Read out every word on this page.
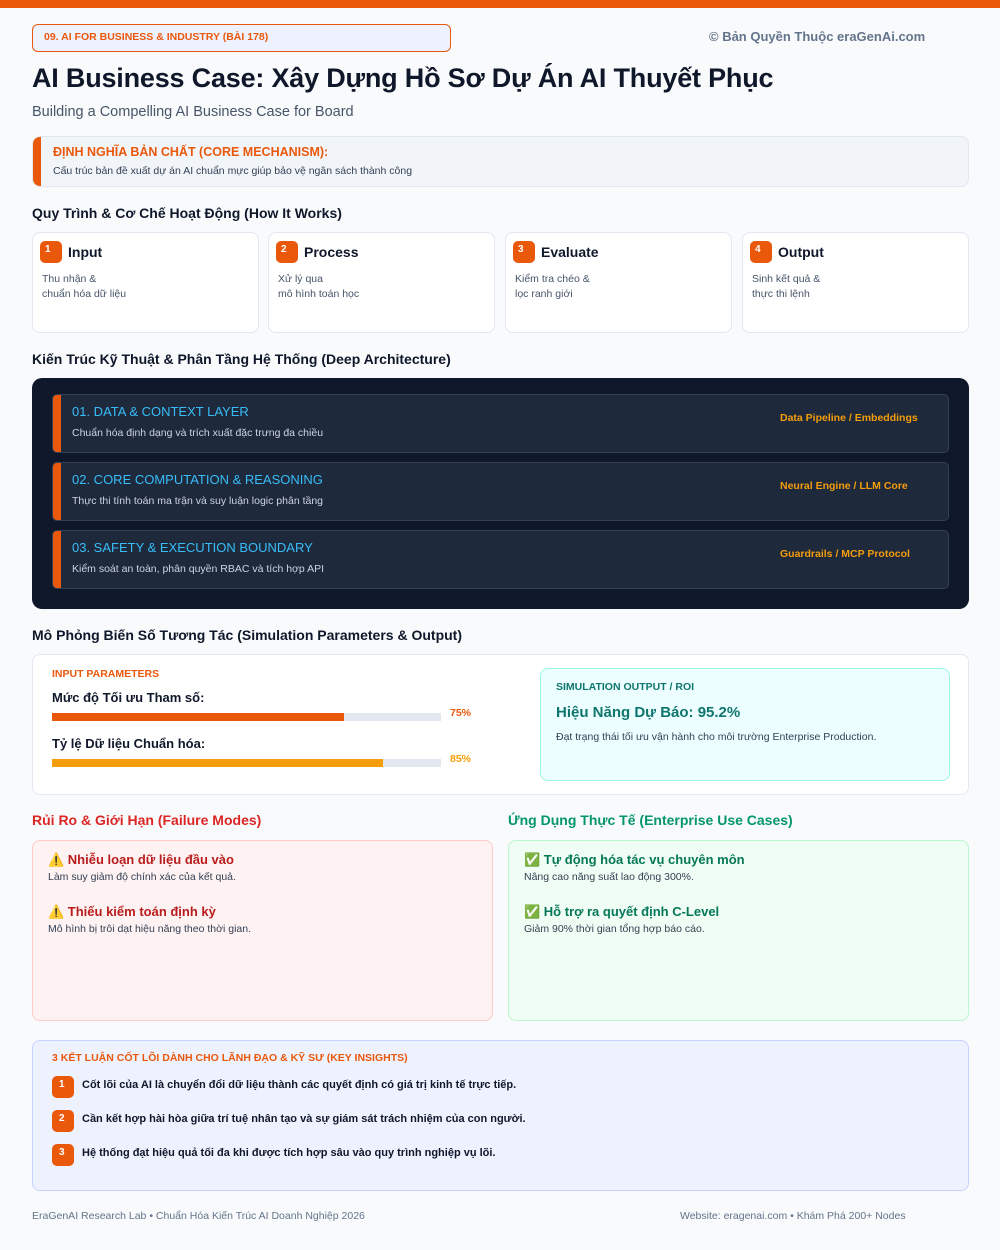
09. AI FOR BUSINESS & INDUSTRY (BÀI 178)	© Bản Quyền Thuộc eraGenAi.com
AI Business Case: Xây Dựng Hồ Sơ Dự Án AI Thuyết Phục
Building a Compelling AI Business Case for Board
ĐỊNH NGHĨA BẢN CHẤT (CORE MECHANISM):
Cấu trúc bản đề xuất dự án AI chuẩn mực giúp bảo vệ ngân sách thành công
Quy Trình & Cơ Chế Hoạt Động (How It Works)
1	Input
Thu nhận &
chuẩn hóa dữ liệu
2	Process
Xử lý qua
mô hình toán học
3	Evaluate
Kiểm tra chéo &
lọc ranh giới
4	Output
Sinh kết quả &
thực thi lệnh
Kiến Trúc Kỹ Thuật & Phân Tầng Hệ Thống (Deep Architecture)
01. DATA & CONTEXT LAYER
Chuẩn hóa định dạng và trích xuất đặc trưng đa chiều
Data Pipeline / Embeddings
02. CORE COMPUTATION & REASONING
Thực thi tính toán ma trận và suy luận logic phân tầng
Neural Engine / LLM Core
03. SAFETY & EXECUTION BOUNDARY
Kiểm soát an toàn, phân quyền RBAC và tích hợp API
Guardrails / MCP Protocol
Mô Phỏng Biến Số Tương Tác (Simulation Parameters & Output)
INPUT PARAMETERS
Mức độ Tối ưu Tham số:
75%
Tỷ lệ Dữ liệu Chuẩn hóa:
85%
SIMULATION OUTPUT / ROI
Hiệu Năng Dự Báo: 95.2%
Đạt trạng thái tối ưu vận hành cho môi trường Enterprise Production.
Rủi Ro & Giới Hạn (Failure Modes)	Ứng Dụng Thực Tế (Enterprise Use Cases)
⚠️ Nhiễu loạn dữ liệu đầu vào
Làm suy giảm độ chính xác của kết quả.
⚠️ Thiếu kiểm toán định kỳ
Mô hình bị trôi dạt hiệu năng theo thời gian.
✅ Tự động hóa tác vụ chuyên môn
Nâng cao năng suất lao động 300%.
✅ Hỗ trợ ra quyết định C-Level
Giảm 90% thời gian tổng hợp báo cáo.
3 KẾT LUẬN CỐT LÕI DÀNH CHO LÃNH ĐẠO & KỸ SƯ (KEY INSIGHTS)
1	Cốt lõi của AI là chuyển đổi dữ liệu thành các quyết định có giá trị kinh tế trực tiếp.
2	Cần kết hợp hài hòa giữa trí tuệ nhân tạo và sự giám sát trách nhiệm của con người.
3	Hệ thống đạt hiệu quả tối đa khi được tích hợp sâu vào quy trình nghiệp vụ lõi.
EraGenAI Research Lab • Chuẩn Hóa Kiến Trúc AI Doanh Nghiệp 2026	Website: eragenai.com • Khám Phá 200+ Nodes
